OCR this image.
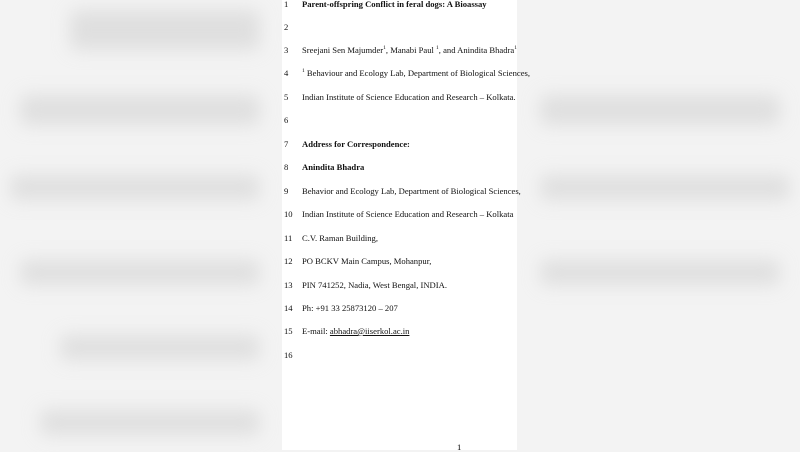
1	Parent-offspring Conflict in feral dogs: A Bioassay
2
3	Sreejani Sen Majumder$^1$, Manabi Paul $^1$, and Anindita Bhadra$^1$
4	$^1$ Behaviour and Ecology Lab, Department of Biological Sciences,
5	Indian Institute of Science Education and Research – Kolkata.
6
7	Address for Correspondence:
8	Anindita Bhadra
9	Behavior and Ecology Lab, Department of Biological Sciences,
10	Indian Institute of Science Education and Research – Kolkata
11	C.V. Raman Building,
12	PO BCKV Main Campus, Mohanpur,
13	PIN 741252, Nadia, West Bengal, INDIA.
14	Ph: +91 33 25873120 – 207
15	E-mail: abhadra@iiserkol.ac.in
16
1
